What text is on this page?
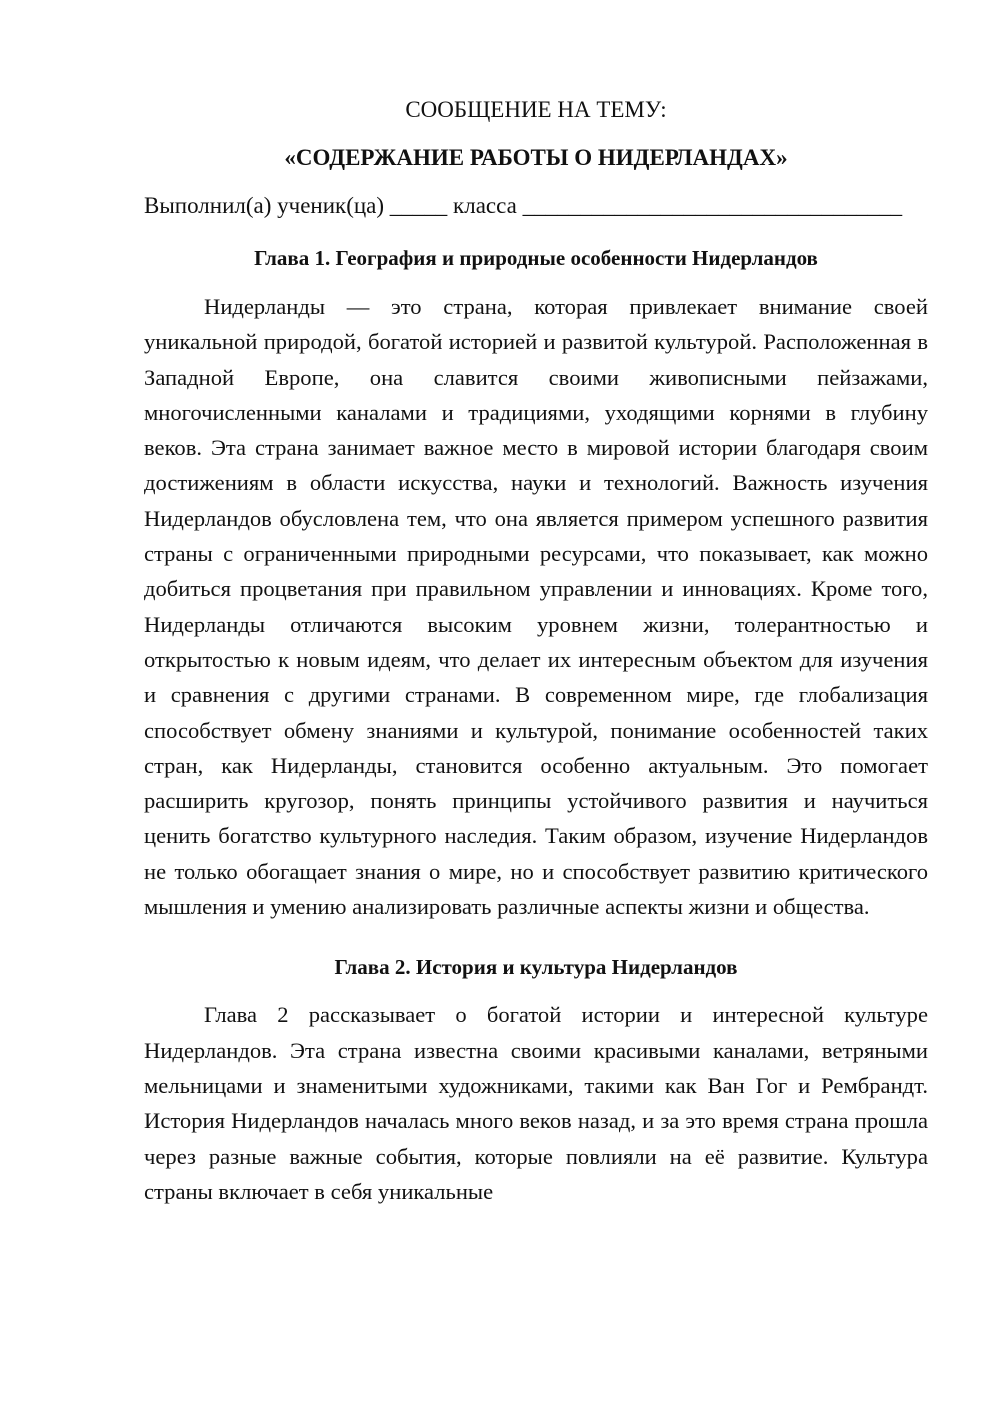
СООБЩЕНИЕ НА ТЕМУ:

«СОДЕРЖАНИЕ РАБОТЫ О НИДЕРЛАНДАХ»

Выполнил(а) ученик(ца) _____ класса _________________________________
Глава 1. География и природные особенности Нидерландов

Нидерланды — это страна, которая привлекает внимание своей уникальной природой, богатой историей и развитой культурой. Расположенная в Западной Европе, она славится своими живописными пейзажами, многочисленными каналами и традициями, уходящими корнями в глубину веков. Эта страна занимает важное место в мировой истории благодаря своим достижениям в области искусства, науки и технологий. Важность изучения Нидерландов обусловлена тем, что она является примером успешного развития страны с ограниченными природными ресурсами, что показывает, как можно добиться процветания при правильном управлении и инновациях. Кроме того, Нидерланды отличаются высоким уровнем жизни, толерантностью и открытостью к новым идеям, что делает их интересным объектом для изучения и сравнения с другими странами. В современном мире, где глобализация способствует обмену знаниями и культурой, понимание особенностей таких стран, как Нидерланды, становится особенно актуальным. Это помогает расширить кругозор, понять принципы устойчивого развития и научиться ценить богатство культурного наследия. Таким образом, изучение Нидерландов не только обогащает знания о мире, но и способствует развитию критического мышления и умению анализировать различные аспекты жизни и общества.

Глава 2. История и культура Нидерландов

Глава 2 рассказывает о богатой истории и интересной культуре Нидерландов. Эта страна известна своими красивыми каналами, ветряными мельницами и знаменитыми художниками, такими как Ван Гог и Рембрандт. История Нидерландов началась много веков назад, и за это время страна прошла через разные важные события, которые повлияли на её развитие. Культура страны включает в себя уникальные
